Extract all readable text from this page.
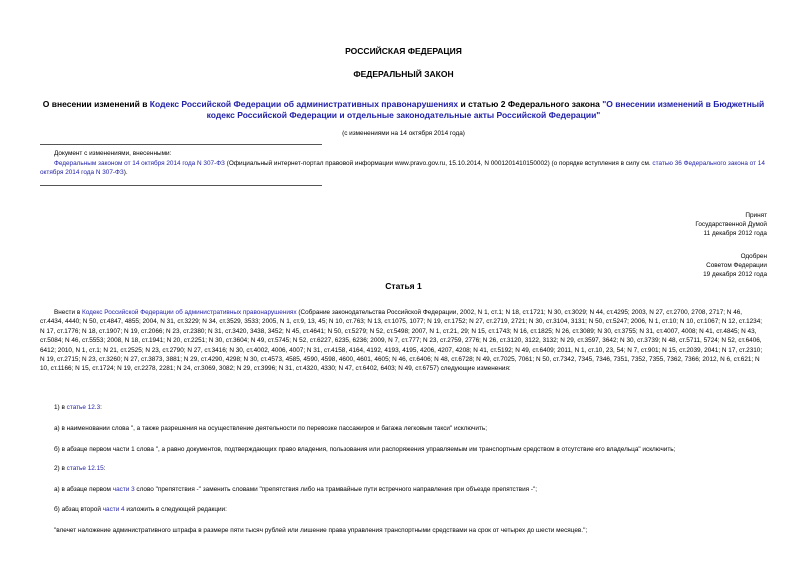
РОССИЙСКАЯ ФЕДЕРАЦИЯ
ФЕДЕРАЛЬНЫЙ ЗАКОН
О внесении изменений в Кодекс Российской Федерации об административных правонарушениях и статью 2 Федерального закона "О внесении изменений в Бюджетный кодекс Российской Федерации и отдельные законодательные акты Российской Федерации"
(с изменениями на 14 октября 2014 года)
Документ с изменениями, внесенными:
Федеральным законом от 14 октября 2014 года N 307-ФЗ (Официальный интернет-портал правовой информации www.pravo.gov.ru, 15.10.2014, N 0001201410150002) (о порядке вступления в силу см. статью 36 Федерального закона от 14 октября 2014 года N 307-ФЗ).
Принят
Государственной Думой
11 декабря 2012 года
Одобрен
Советом Федерации
19 декабря 2012 года
Статья 1
Внести в Кодекс Российской Федерации об административных правонарушениях (Собрание законодательства Российской Федерации, 2002, N 1, ст.1; N 18, ст.1721; N 30, ст.3029; N 44, ст.4295; 2003, N 27, ст.2700, 2708, 2717; N 46, ст.4434, 4440; N 50, ст.4847, 4855; 2004, N 31, ст.3229; N 34, ст.3529, 3533; 2005, N 1, ст.9, 13, 45; N 10, ст.763; N 13, ст.1075, 1077; N 19, ст.1752; N 27, ст.2719, 2721; N 30, ст.3104, 3131; N 50, ст.5247; 2006, N 1, ст.10; N 10, ст.1067; N 12, ст.1234; N 17, ст.1776; N 18, ст.1907; N 19, ст.2066; N 23, ст.2380; N 31, ст.3420, 3438, 3452; N 45, ст.4641; N 50, ст.5279; N 52, ст.5498; 2007, N 1, ст.21, 29; N 15, ст.1743; N 16, ст.1825; N 26, ст.3089; N 30, ст.3755; N 31, ст.4007, 4008; N 41, ст.4845; N 43, ст.5084; N 46, ст.5553; 2008, N 18, ст.1941; N 20, ст.2251; N 30, ст.3604; N 49, ст.5745; N 52, ст.6227, 6235, 6236; 2009, N 7, ст.777; N 23, ст.2759, 2776; N 26, ст.3120, 3122, 3132; N 29, ст.3597, 3642; N 30, ст.3739; N 48, ст.5711, 5724; N 52, ст.6406, 6412; 2010, N 1, ст.1; N 21, ст.2525; N 23, ст.2790; N 27, ст.3416; N 30, ст.4002, 4006, 4007; N 31, ст.4158, 4164, 4192, 4193, 4195, 4206, 4207, 4208; N 41, ст.5192; N 49, ст.6409; 2011, N 1, ст.10, 23, 54; N 7, ст.901; N 15, ст.2039, 2041; N 17, ст.2310; N 19, ст.2715; N 23, ст.3260; N 27, ст.3873, 3881; N 29, ст.4290, 4298; N 30, ст.4573, 4585, 4590, 4598, 4600, 4601, 4605; N 46, ст.6406; N 48, ст.6728; N 49, ст.7025, 7061; N 50, ст.7342, 7345, 7346, 7351, 7352, 7355, 7362, 7366; 2012, N 6, ст.621; N 10, ст.1166; N 15, ст.1724; N 19, ст.2278, 2281; N 24, ст.3069, 3082; N 29, ст.3996; N 31, ст.4320, 4330; N 47, ст.6402, 6403; N 49, ст.6757) следующие изменения:
1) в статье 12.3:
а) в наименовании слова ", а также разрешения на осуществление деятельности по перевозке пассажиров и багажа легковым такси" исключить;
б) в абзаце первом части 1 слова ", а равно документов, подтверждающих право владения, пользования или распоряжения управляемым им транспортным средством в отсутствие его владельца" исключить;
2) в статье 12.15:
а) в абзаце первом части 3 слово "препятствия -" заменить словами "препятствия либо на трамвайные пути встречного направления при объезде препятствия -";
б) абзац второй части 4 изложить в следующей редакции:
"влечет наложение административного штрафа в размере пяти тысяч рублей или лишение права управления транспортными средствами на срок от четырех до шести месяцев.";
